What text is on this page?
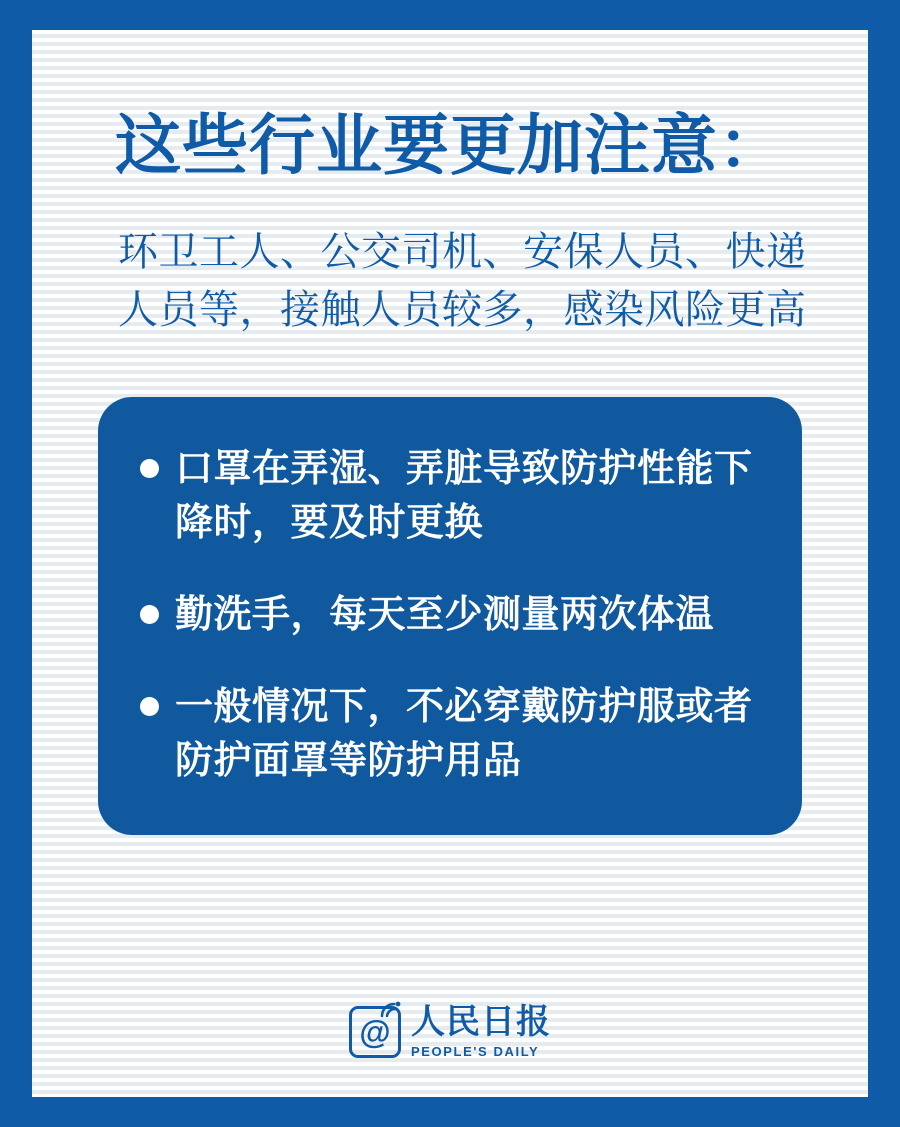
这些行业要更加注意：
环卫工人、公交司机、安保人员、快递人员等，接触人员较多，感染风险更高
口罩在弄湿、弄脏导致防护性能下降时，要及时更换
勤洗手，每天至少测量两次体温
一般情况下，不必穿戴防护服或者防护面罩等防护用品
@ 人民日报
PEOPLE'S DAILY
